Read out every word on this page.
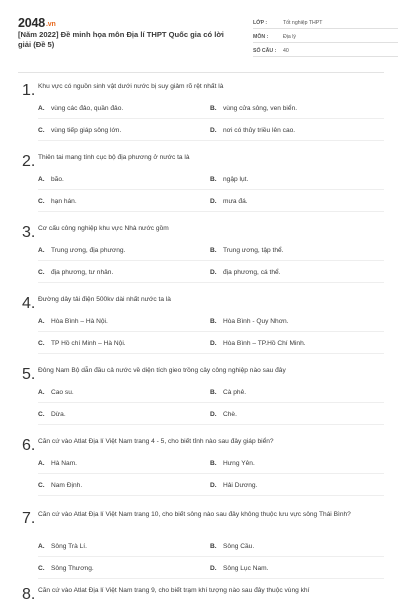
2048.vn
[Năm 2022] Đề minh họa môn Địa lí THPT Quốc gia có lời giải (Đề 5)
LỚP :	Tốt nghiệp THPT
MÔN :	Địa lý
SỐ CÂU :	40
1. Khu vực có nguồn sinh vật dưới nước bị suy giảm rõ rệt nhất là
A. vùng các đảo, quần đảo.	B. vùng cửa sông, ven biển.
C. vùng tiếp giáp sông lớn.	D. nơi có thủy triều lên cao.
2. Thiên tai mang tính cục bộ địa phương ở nước ta là
A. bão.	B. ngập lụt.
C. hạn hán.	D. mưa đá.
3. Cơ cấu công nghiệp khu vực Nhà nước gồm
A. Trung ương, địa phương.	B. Trung ương, tập thể.
C. địa phương, tư nhân.	D. địa phương, cá thể.
4. Đường dây tải điện 500kv dài nhất nước ta là
A. Hòa Bình – Hà Nội.	B. Hòa Bình - Quy Nhơn.
C. TP Hồ chí Minh – Hà Nội.	D. Hòa Bình – TP.Hồ Chí Minh.
5. Đông Nam Bộ dẫn đầu cả nước về diện tích gieo trồng cây công nghiệp nào sau đây
A. Cao su.	B. Cà phê.
C. Dừa.	D. Chè.
6. Căn cứ vào Atlat Địa lí Việt Nam trang 4 - 5, cho biết tỉnh nào sau đây giáp biển?
A. Hà Nam.	B. Hưng Yên.
C. Nam Định.	D. Hải Dương.
7. Căn cứ vào Atlat Địa lí Việt Nam trang 10, cho biết sông nào sau đây không thuộc lưu vực sông Thái Bình?
A. Sông Trà Lí.	B. Sông Cầu.
C. Sông Thương.	D. Sông Lục Nam.
8. Căn cứ vào Atlat Địa lí Việt Nam trang 9, cho biết trạm khí tượng nào sau đây thuộc vùng khí
